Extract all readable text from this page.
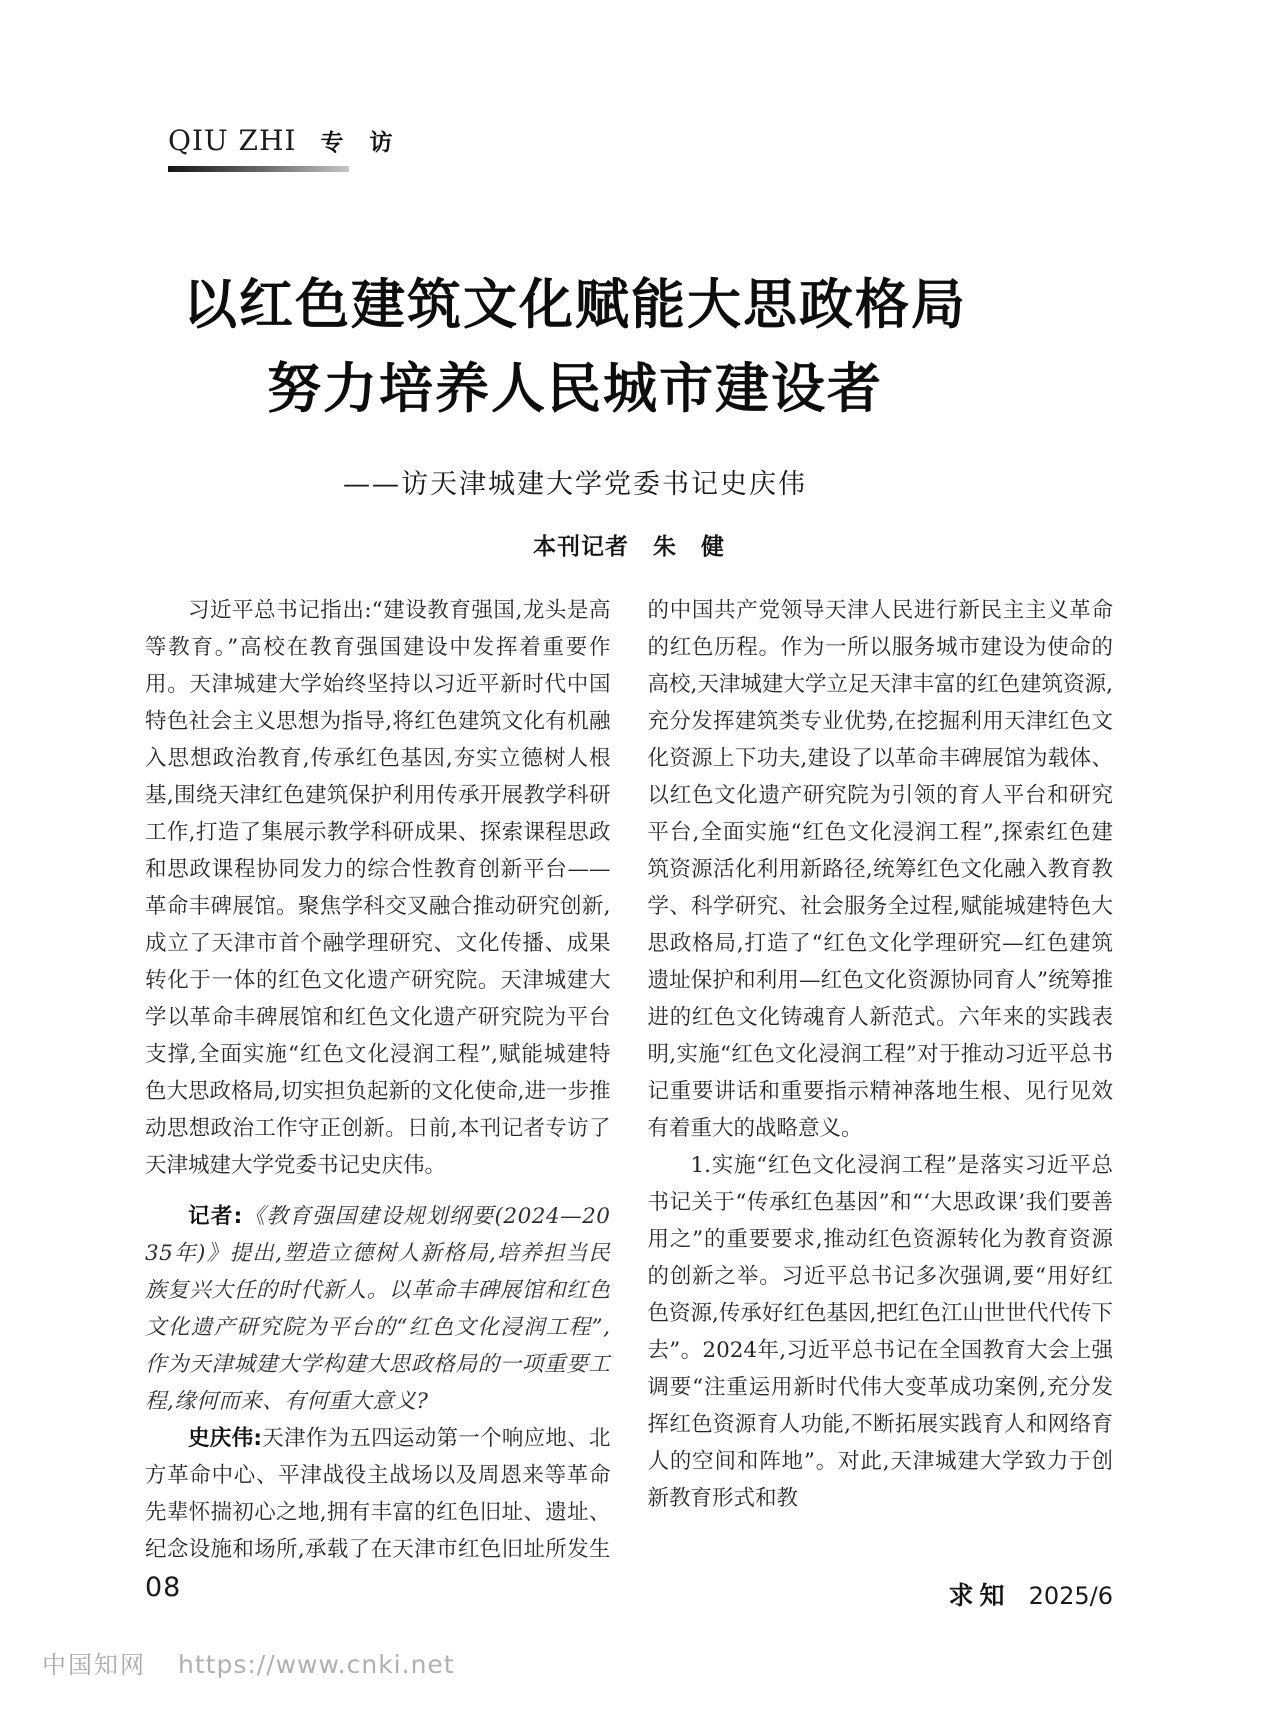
QIU ZHI 专访
以红色建筑文化赋能大思政格局
努力培养人民城市建设者
——访天津城建大学党委书记史庆伟
本刊记者　朱　健

习近平总书记指出:“建设教育强国,龙头是高等教育。”高校在教育强国建设中发挥着重要作用。天津城建大学始终坚持以习近平新时代中国特色社会主义思想为指导,将红色建筑文化有机融入思想政治教育,传承红色基因,夯实立德树人根基,围绕天津红色建筑保护利用传承开展教学科研工作,打造了集展示教学科研成果、探索课程思政和思政课程协同发力的综合性教育创新平台——革命丰碑展馆。聚焦学科交叉融合推动研究创新,成立了天津市首个融学理研究、文化传播、成果转化于一体的红色文化遗产研究院。天津城建大学以革命丰碑展馆和红色文化遗产研究院为平台支撑,全面实施“红色文化浸润工程”,赋能城建特色大思政格局,切实担负起新的文化使命,进一步推动思想政治工作守正创新。日前,本刊记者专访了天津城建大学党委书记史庆伟。

记者:《教育强国建设规划纲要(2024—2035年)》提出,塑造立德树人新格局,培养担当民族复兴大任的时代新人。以革命丰碑展馆和红色文化遗产研究院为平台的“红色文化浸润工程”,作为天津城建大学构建大思政格局的一项重要工程,缘何而来、有何重大意义?

史庆伟:天津作为五四运动第一个响应地、北方革命中心、平津战役主战场以及周恩来等革命先辈怀揣初心之地,拥有丰富的红色旧址、遗址、纪念设施和场所,承载了在天津市红色旧址所发生的中国共产党领导天津人民进行新民主主义革命的红色历程。作为一所以服务城市建设为使命的高校,天津城建大学立足天津丰富的红色建筑资源,充分发挥建筑类专业优势,在挖掘利用天津红色文化资源上下功夫,建设了以革命丰碑展馆为载体、以红色文化遗产研究院为引领的育人平台和研究平台,全面实施“红色文化浸润工程”,探索红色建筑资源活化利用新路径,统筹红色文化融入教育教学、科学研究、社会服务全过程,赋能城建特色大思政格局,打造了“红色文化学理研究—红色建筑遗址保护和利用—红色文化资源协同育人”统筹推进的红色文化铸魂育人新范式。六年来的实践表明,实施“红色文化浸润工程”对于推动习近平总书记重要讲话和重要指示精神落地生根、见行见效有着重大的战略意义。

1.实施“红色文化浸润工程”是落实习近平总书记关于“传承红色基因”和“‘大思政课’我们要善用之”的重要要求,推动红色资源转化为教育资源的创新之举。习近平总书记多次强调,要“用好红色资源,传承好红色基因,把红色江山世世代代传下去”。2024年,习近平总书记在全国教育大会上强调要“注重运用新时代伟大变革成功案例,充分发挥红色资源育人功能,不断拓展实践育人和网络育人的空间和阵地”。对此,天津城建大学致力于创新教育形式和教

08	求知 2025/6
中国知网 https://www.cnki.net
